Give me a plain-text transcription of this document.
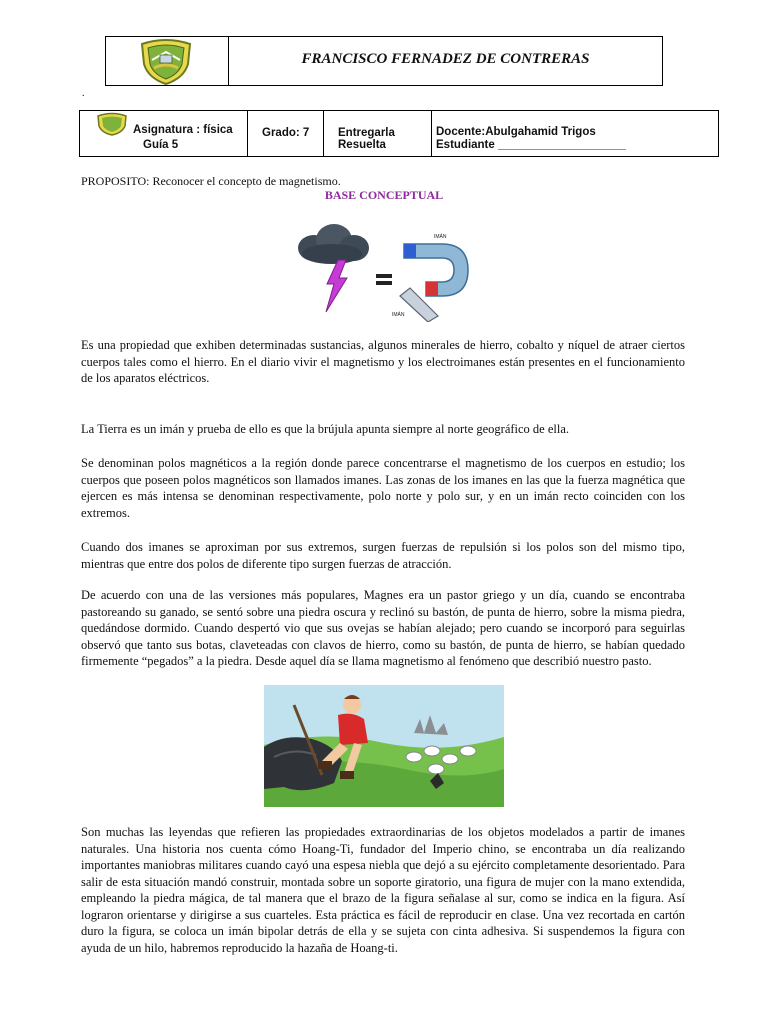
FRANCISCO FERNADEZ DE CONTRERAS
.
Asignatura : física
Guía 5
Grado: 7	Entregarla Resuelta
Docente:Abulgahamid Trigos
Estudiante ____________________
PROPOSITO: Reconocer el concepto de magnetismo.
BASE CONCEPTUAL
IMÁN
IMÁN

Es una propiedad que exhiben determinadas sustancias, algunos minerales de hierro, cobalto y níquel de atraer ciertos cuerpos tales como el hierro. En el diario vivir el magnetismo y los electroimanes están presentes en el funcionamiento de los aparatos eléctricos.

La Tierra es un imán y prueba de ello es que la brújula apunta siempre al norte geográfico de ella.

Se denominan polos magnéticos a la región donde parece concentrarse el magnetismo de los cuerpos en estudio; los cuerpos que poseen polos magnéticos son llamados imanes. Las zonas de los imanes en las que la fuerza magnética que ejercen es más intensa se denominan respectivamente, polo norte y polo sur, y en un imán recto coinciden con los extremos.

Cuando dos imanes se aproximan por sus extremos, surgen fuerzas de repulsión si los polos son del mismo tipo, mientras que entre dos polos de diferente tipo surgen fuerzas de atracción.

De acuerdo con una de las versiones más populares, Magnes era un pastor griego y un día, cuando se encontraba pastoreando su ganado, se sentó sobre una piedra oscura y reclinó su bastón, de punta de hierro, sobre la misma piedra, quedándose dormido. Cuando despertó vio que sus ovejas se habían alejado; pero cuando se incorporó para seguirlas observó que tanto sus botas, claveteadas con clavos de hierro, como su bastón, de punta de hierro, se habían quedado firmemente “pegados” a la piedra. Desde aquel día se llama magnetismo al fenómeno que describió nuestro pasto.

Son muchas las leyendas que refieren las propiedades extraordinarias de los objetos modelados a partir de imanes naturales. Una historia nos cuenta cómo Hoang-Ti, fundador del Imperio chino, se encontraba un día realizando importantes maniobras militares cuando cayó una espesa niebla que dejó a su ejército completamente desorientado. Para salir de esta situación mandó construir, montada sobre un soporte giratorio, una figura de mujer con la mano extendida, empleando la piedra mágica, de tal manera que el brazo de la figura señalase al sur, como se indica en la figura. Así lograron orientarse y dirigirse a sus cuarteles. Esta práctica es fácil de reproducir en clase. Una vez recortada en cartón duro la figura, se coloca un imán bipolar detrás de ella y se sujeta con cinta adhesiva. Si suspendemos la figura con ayuda de un hilo, habremos reproducido la hazaña de Hoang-ti.
